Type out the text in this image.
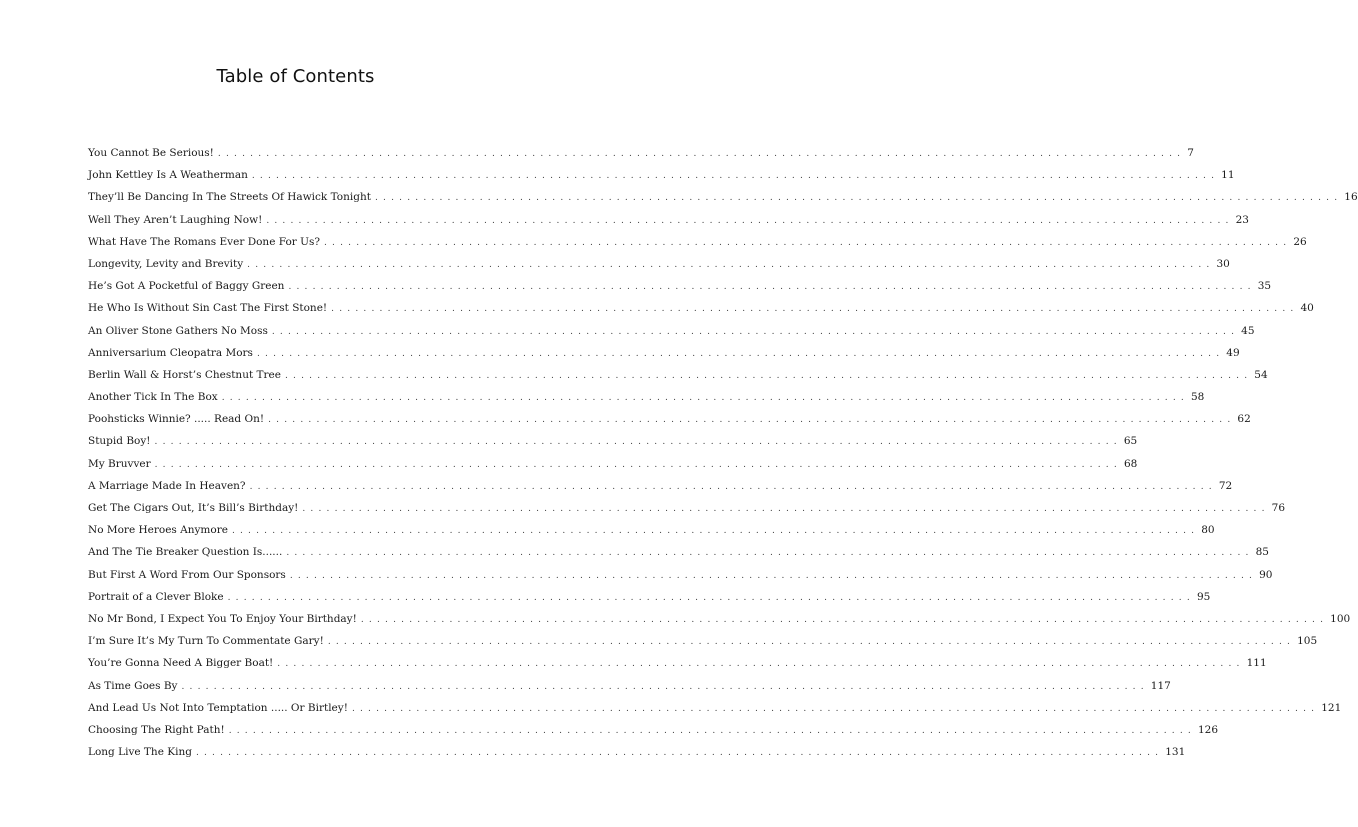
Table of Contents
You Cannot Be Serious! ........................................................................................................................ 7
John Kettley Is A Weatherman ........................................................................................................................ 11
They’ll Be Dancing In The Streets Of Hawick Tonight ........................................................................................................................ 16
Well They Aren’t Laughing Now! ........................................................................................................................ 23
What Have The Romans Ever Done For Us? ........................................................................................................................ 26
Longevity, Levity and Brevity ........................................................................................................................ 30
He’s Got A Pocketful of Baggy Green ........................................................................................................................ 35
He Who Is Without Sin Cast The First Stone! ........................................................................................................................ 40
An Oliver Stone Gathers No Moss ........................................................................................................................ 45
Anniversarium Cleopatra Mors ........................................................................................................................ 49
Berlin Wall & Horst’s Chestnut Tree ........................................................................................................................ 54
Another Tick In The Box ........................................................................................................................ 58
Poohsticks Winnie? ..... Read On! ........................................................................................................................ 62
Stupid Boy! ........................................................................................................................ 65
My Bruvver ........................................................................................................................ 68
A Marriage Made In Heaven? ........................................................................................................................ 72
Get The Cigars Out, It’s Bill’s Birthday! ........................................................................................................................ 76
No More Heroes Anymore ........................................................................................................................ 80
And The Tie Breaker Question Is...... ........................................................................................................................ 85
But First A Word From Our Sponsors ........................................................................................................................ 90
Portrait of a Clever Bloke ........................................................................................................................ 95
No Mr Bond, I Expect You To Enjoy Your Birthday! ........................................................................................................................ 100
I’m Sure It’s My Turn To Commentate Gary! ........................................................................................................................ 105
You’re Gonna Need A Bigger Boat! ........................................................................................................................ 111
As Time Goes By ........................................................................................................................ 117
And Lead Us Not Into Temptation ..... Or Birtley! ........................................................................................................................ 121
Choosing The Right Path! ........................................................................................................................ 126
Long Live The King ........................................................................................................................ 131
